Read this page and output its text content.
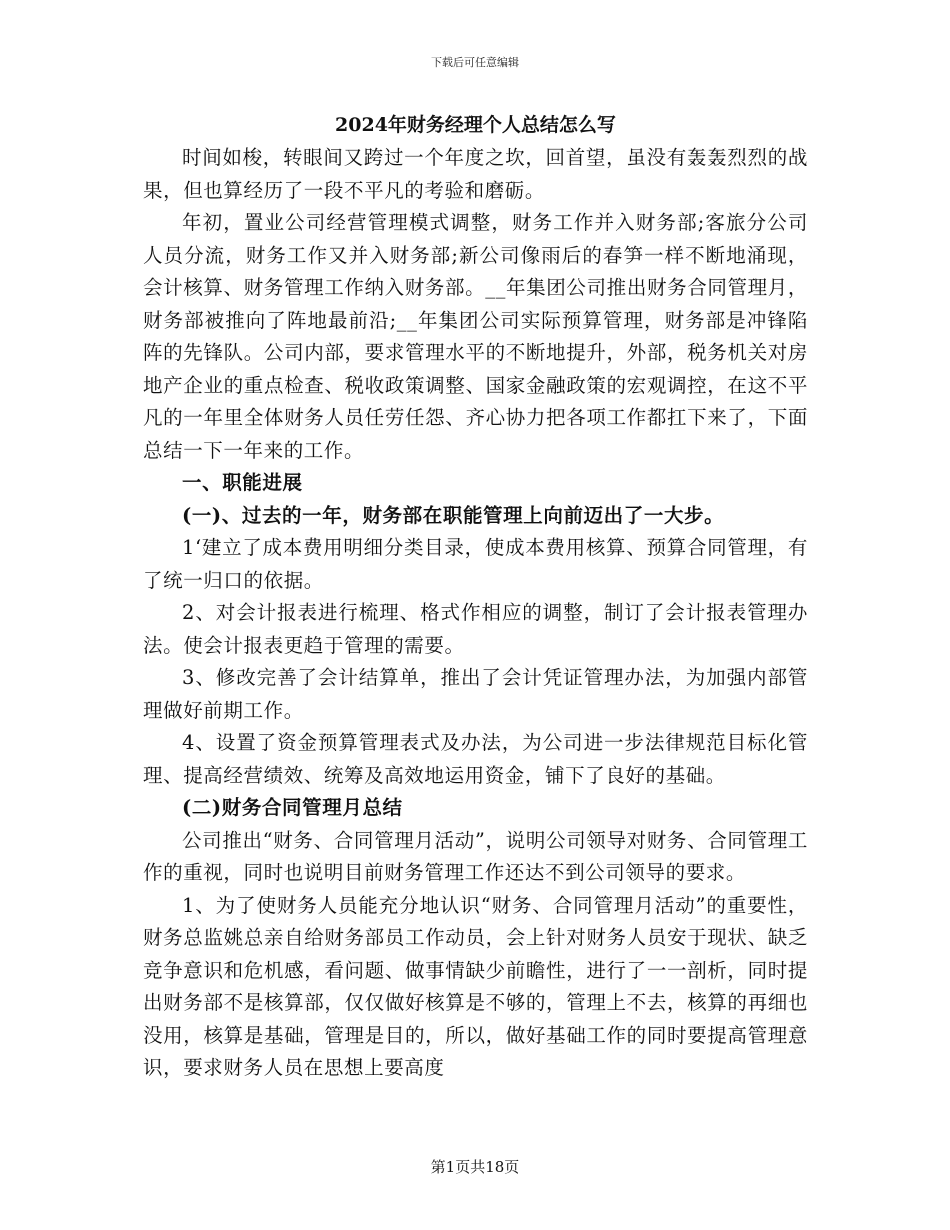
下载后可任意编辑
2024年财务经理个人总结怎么写

时间如梭，转眼间又跨过一个年度之坎，回首望，虽没有轰轰烈烈的战果，但也算经历了一段不平凡的考验和磨砺。

年初，置业公司经营管理模式调整，财务工作并入财务部;客旅分公司人员分流，财务工作又并入财务部;新公司像雨后的春笋一样不断地涌现，会计核算、财务管理工作纳入财务部。__年集团公司推出财务合同管理月，财务部被推向了阵地最前沿;__年集团公司实际预算管理，财务部是冲锋陷阵的先锋队。公司内部，要求管理水平的不断地提升，外部，税务机关对房地产企业的重点检查、税收政策调整、国家金融政策的宏观调控，在这不平凡的一年里全体财务人员任劳任怨、齐心协力把各项工作都扛下来了，下面总结一下一年来的工作。

一、职能进展

(一)、过去的一年，财务部在职能管理上向前迈出了一大步。

1‘建立了成本费用明细分类目录，使成本费用核算、预算合同管理，有了统一归口的依据。

2、对会计报表进行梳理、格式作相应的调整，制订了会计报表管理办法。使会计报表更趋于管理的需要。

3、修改完善了会计结算单，推出了会计凭证管理办法，为加强内部管理做好前期工作。

4、设置了资金预算管理表式及办法，为公司进一步法律规范目标化管理、提高经营绩效、统筹及高效地运用资金，铺下了良好的基础。

(二)财务合同管理月总结

公司推出“财务、合同管理月活动”，说明公司领导对财务、合同管理工作的重视，同时也说明目前财务管理工作还达不到公司领导的要求。

1、为了使财务人员能充分地认识“财务、合同管理月活动”的重要性，财务总监姚总亲自给财务部员工作动员，会上针对财务人员安于现状、缺乏竞争意识和危机感，看问题、做事情缺少前瞻性，进行了一一剖析，同时提出财务部不是核算部，仅仅做好核算是不够的，管理上不去，核算的再细也没用，核算是基础，管理是目的，所以，做好基础工作的同时要提高管理意识，要求财务人员在思想上要高度

第1页共18页
